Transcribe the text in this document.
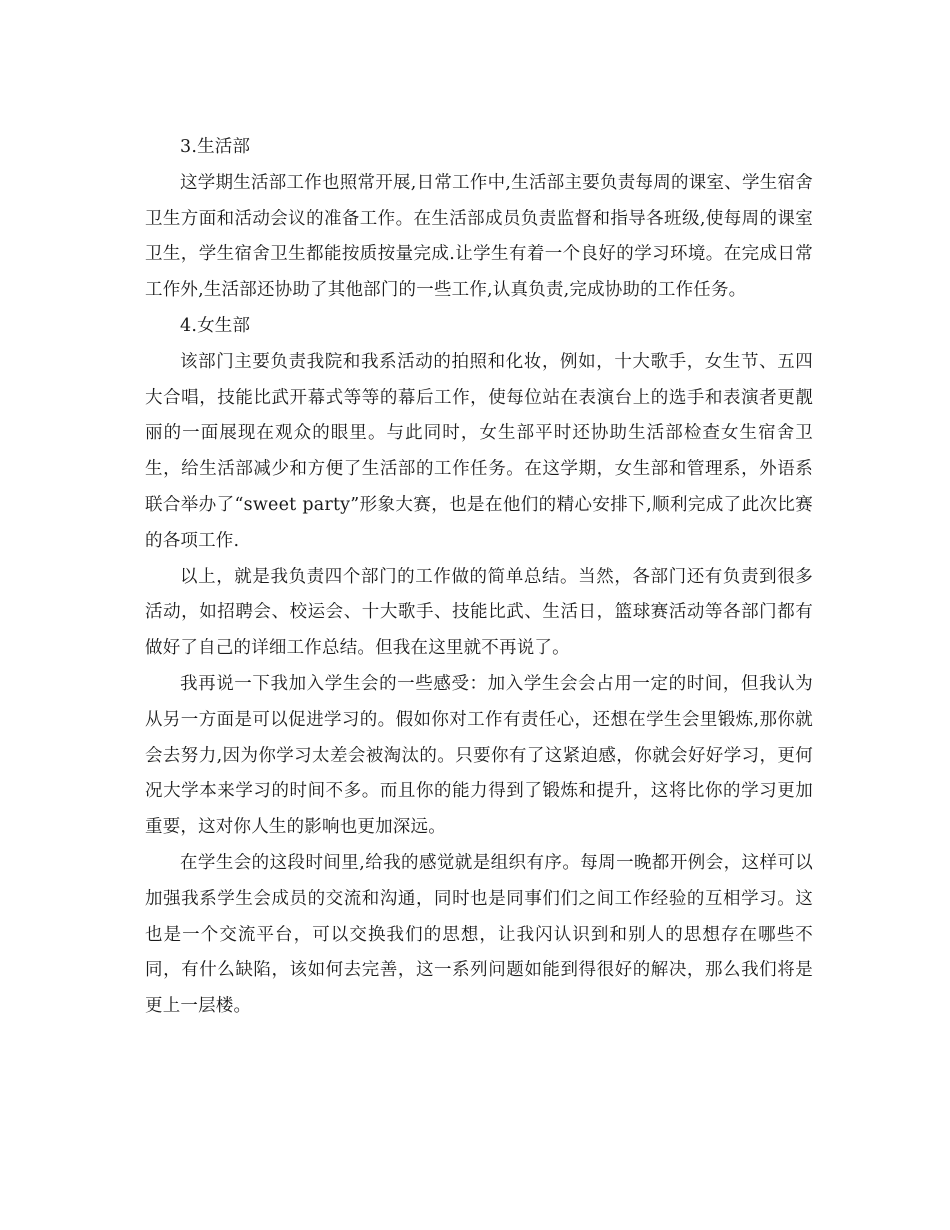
3.生活部

这学期生活部工作也照常开展,日常工作中,生活部主要负责每周的课室、学生宿舍卫生方面和活动会议的准备工作。在生活部成员负责监督和指导各班级,使每周的课室卫生，学生宿舍卫生都能按质按量完成.让学生有着一个良好的学习环境。在完成日常工作外,生活部还协助了其他部门的一些工作,认真负责,完成协助的工作任务。

4.女生部

该部门主要负责我院和我系活动的拍照和化妆，例如，十大歌手，女生节、五四大合唱，技能比武开幕式等等的幕后工作，使每位站在表演台上的选手和表演者更靓丽的一面展现在观众的眼里。与此同时，女生部平时还协助生活部检查女生宿舍卫生，给生活部减少和方便了生活部的工作任务。在这学期，女生部和管理系，外语系联合举办了“sweet party”形象大赛，也是在他们的精心安排下,顺利完成了此次比赛的各项工作.

以上，就是我负责四个部门的工作做的简单总结。当然，各部门还有负责到很多活动，如招聘会、校运会、十大歌手、技能比武、生活日，篮球赛活动等各部门都有做好了自己的详细工作总结。但我在这里就不再说了。

我再说一下我加入学生会的一些感受：加入学生会会占用一定的时间，但我认为从另一方面是可以促进学习的。假如你对工作有责任心，还想在学生会里锻炼,那你就会去努力,因为你学习太差会被淘汰的。只要你有了这紧迫感，你就会好好学习，更何况大学本来学习的时间不多。而且你的能力得到了锻炼和提升，这将比你的学习更加重要，这对你人生的影响也更加深远。

在学生会的这段时间里,给我的感觉就是组织有序。每周一晚都开例会，这样可以加强我系学生会成员的交流和沟通，同时也是同事们们之间工作经验的互相学习。这也是一个交流平台，可以交换我们的思想，让我闪认识到和别人的思想存在哪些不同，有什么缺陷，该如何去完善，这一系列问题如能到得很好的解决，那么我们将是更上一层楼。
